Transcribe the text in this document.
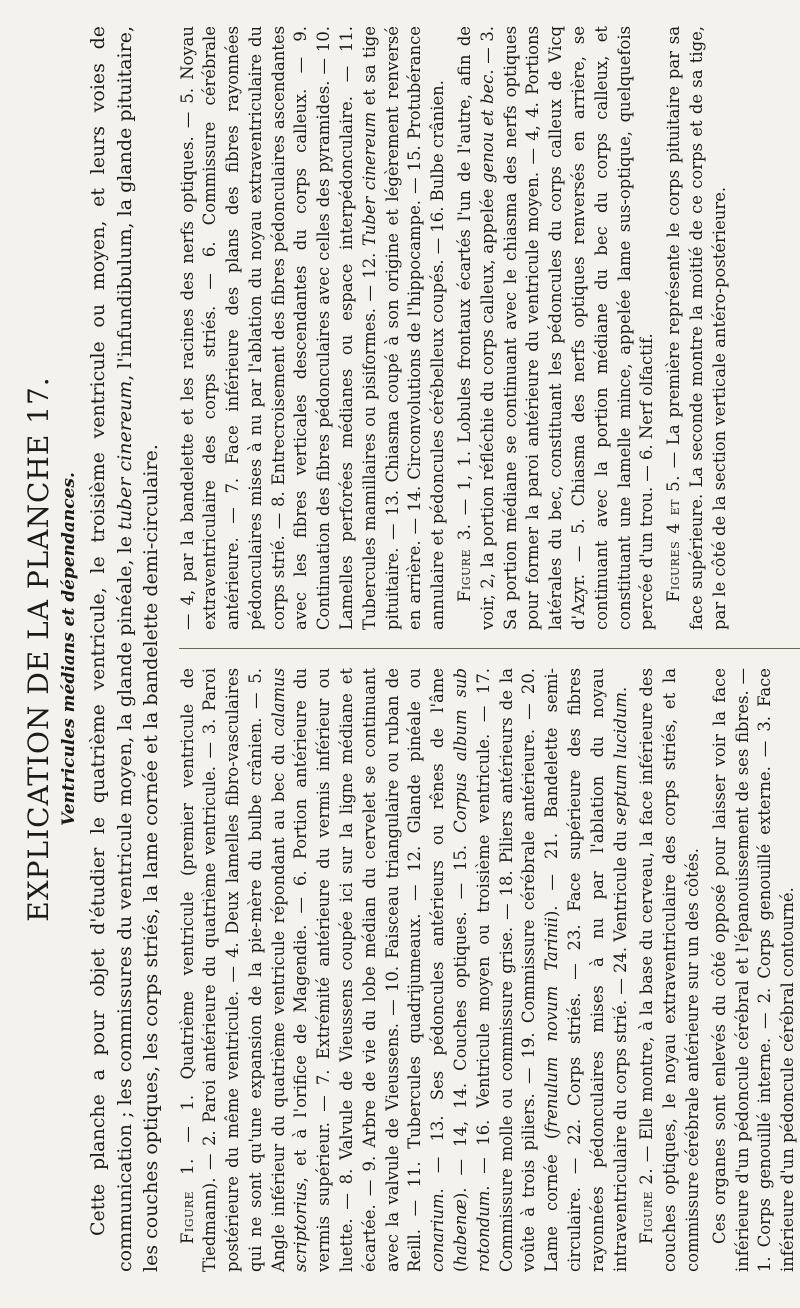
EXPLICATION DE LA PLANCHE 17. Ventricules médians et dépendances. Cette planche a pour objet d'étudier le quatrième ventricule, le troisième ventricule ou moyen, et leurs voies de communication ; les commissures du ventricule moyen, la glande pinéale, le tuber cinereum, l'infundibulum, la glande pituitaire, les couches optiques, les corps striés, la lame cornée et la bandelette demi-circulaire. Figure 1. — 1. Quatrième ventricule (premier ventricule de Tiedmann). — 2. Paroi antérieure du quatrième ventricule. — 3. Paroi postérieure du même ventricule. — 4. Deux lamelles fibro-vasculaires qui ne sont qu'une expansion de la pie-mère du bulbe crânien. — 5. Angle inférieur du quatrième ventricule répondant au bec du calamus scriptorius, et à l'orifice de Magendie. — 6. Portion antérieure du vermis supérieur. — 7. Extrémité antérieure du vermis inférieur ou luette. — 8. Valvule de Vieussens coupée ici sur la ligne médiane et écartée. — 9. Arbre de vie du lobe médian du cervelet se continuant avec la valvule de Vieussens. — 10. Faisceau triangulaire ou ruban de Reill. — 11. Tubercules quadrijumeaux. — 12. Glande pinéale ou conarium. — 13. Ses pédoncules antérieurs ou rênes de l'âme (habenæ). — 14, 14. Couches optiques. — 15. Corpus album sub rotondum. — 16. Ventricule moyen ou troisième ventricule. — 17. Commissure molle ou commissure grise. — 18. Piliers antérieurs de la voûte à trois piliers. — 19. Commissure cérébrale antérieure. — 20. Lame cornée (frenulum novum Tarinii). — 21. Bandelette semi-circulaire. — 22. Corps striés. — 23. Face supérieure des fibres rayonnées pédonculaires mises à nu par l'ablation du noyau intraventriculaire du corps strié. — 24. Ventricule du septum lucidum.

Figure 2. — Elle montre, à la base du cerveau, la face inférieure des couches optiques, le noyau extraventriculaire des corps striés, et la commissure cérébrale antérieure sur un des côtés. Ces organes sont enlevés du côté opposé pour laisser voir la face inférieure d'un pédoncule cérébral et l'épanouissement de ses fibres. — 1. Corps genouillé interne. — 2. Corps genouillé externe. — 3. Face inférieure d'un pédoncule cérébral contourné.

— 4, par la bandelette et les racines des nerfs optiques. — 5. Noyau extraventriculaire des corps striés. — 6. Commissure cérébrale antérieure. — 7. Face inférieure des plans des fibres rayonnées pédonculaires mises à nu par l'ablation du noyau extraventriculaire du corps strié. — 8. Entrecroisement des fibres pédonculaires ascendantes avec les fibres verticales descendantes du corps calleux. — 9. Continuation des fibres pédonculaires avec celles des pyramides. — 10. Lamelles perforées médianes ou espace interpédonculaire. — 11. Tubercules mamillaires ou pisiformes. — 12. Tuber cinereum et sa tige pituitaire. — 13. Chiasma coupé à son origine et légèrement renversé en arrière. — 14. Circonvolutions de l'hippocampe. — 15. Protubérance annulaire et pédoncules cérébelleux coupés. — 16. Bulbe crânien. Figure 3. — 1, 1. Lobules frontaux écartés l'un de l'autre, afin de voir, 2, la portion réfléchie du corps calleux, appelée genou et bec. — 3. Sa portion médiane se continuant avec le chiasma des nerfs optiques pour former la paroi antérieure du ventricule moyen. — 4, 4. Portions latérales du bec, constituant les pédoncules du corps calleux de Vicq d'Azyr. — 5. Chiasma des nerfs optiques renversés en arrière, se continuant avec la portion médiane du bec du corps calleux, et constituant une lamelle mince, appelée lame sus-optique, quelquefois percée d'un trou. — 6. Nerf olfactif. Figures 4 et 5. — La première représente le corps pituitaire par sa face supérieure. La seconde montre la moitié de ce corps et de sa tige, par le côté de la section verticale antéro-postérieure.
